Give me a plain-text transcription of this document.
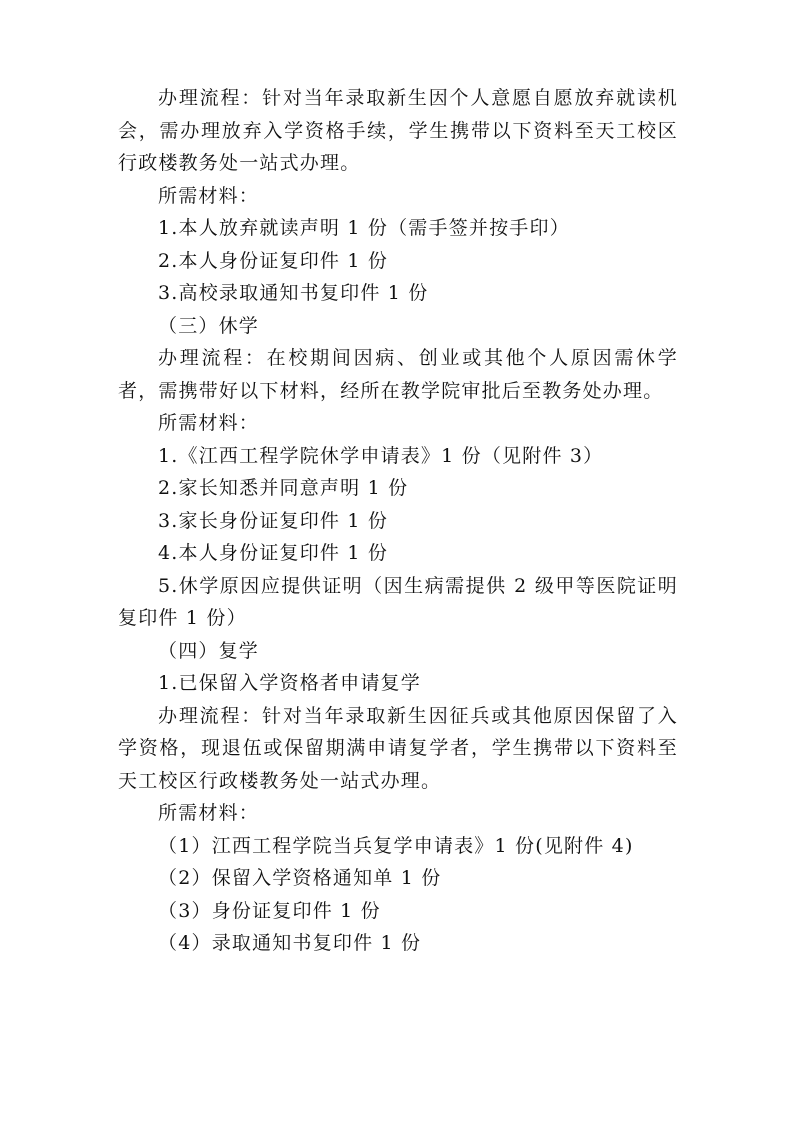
办理流程：针对当年录取新生因个人意愿自愿放弃就读机会，需办理放弃入学资格手续，学生携带以下资料至天工校区行政楼教务处一站式办理。

所需材料：

1.本人放弃就读声明 1 份（需手签并按手印）

2.本人身份证复印件 1 份

3.高校录取通知书复印件 1 份

（三）休学

办理流程：在校期间因病、创业或其他个人原因需休学者，需携带好以下材料，经所在教学院审批后至教务处办理。

所需材料：

1.《江西工程学院休学申请表》1 份（见附件 3）

2.家长知悉并同意声明 1 份

3.家长身份证复印件 1 份

4.本人身份证复印件 1 份

5.休学原因应提供证明（因生病需提供 2 级甲等医院证明复印件 1 份）

（四）复学

1.已保留入学资格者申请复学

办理流程：针对当年录取新生因征兵或其他原因保留了入学资格，现退伍或保留期满申请复学者，学生携带以下资料至天工校区行政楼教务处一站式办理。

所需材料：

（1）江西工程学院当兵复学申请表》1 份(见附件 4)

（2）保留入学资格通知单 1 份

（3）身份证复印件 1 份

（4）录取通知书复印件 1 份
